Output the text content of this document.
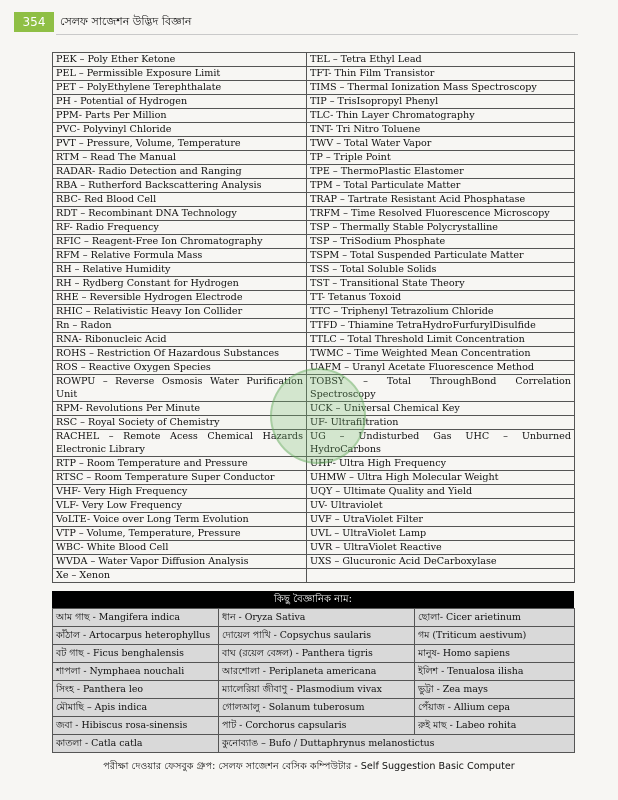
354	সেলফ সাজেশন উদ্ভিদ বিজ্ঞান
PEK – Poly Ether Ketone	TEL – Tetra Ethyl Lead
PEL – Permissible Exposure Limit	TFT- Thin Film Transistor
PET – PolyEthylene Terephthalate	TIMS – Thermal Ionization Mass Spectroscopy
PH - Potential of Hydrogen	TIP – TrisIsopropyl Phenyl
PPM- Parts Per Million	TLC- Thin Layer Chromatography
PVC- Polyvinyl Chloride	TNT- Tri Nitro Toluene
PVT – Pressure, Volume, Temperature	TWV – Total Water Vapor
RTM – Read The Manual	TP – Triple Point
RADAR- Radio Detection and Ranging	TPE – ThermoPlastic Elastomer
RBA – Rutherford Backscattering Analysis	TPM – Total Particulate Matter
RBC- Red Blood Cell	TRAP – Tartrate Resistant Acid Phosphatase
RDT – Recombinant DNA Technology	TRFM – Time Resolved Fluorescence Microscopy
RF- Radio Frequency	TSP – Thermally Stable Polycrystalline
RFIC – Reagent-Free Ion Chromatography	TSP – TriSodium Phosphate
RFM – Relative Formula Mass	TSPM – Total Suspended Particulate Matter
RH – Relative Humidity	TSS – Total Soluble Solids
RH – Rydberg Constant for Hydrogen	TST – Transitional State Theory
RHE – Reversible Hydrogen Electrode	TT- Tetanus Toxoid
RHIC – Relativistic Heavy Ion Collider	TTC – Triphenyl Tetrazolium Chloride
Rn – Radon	TTFD – Thiamine TetraHydroFurfurylDisulfide
RNA- Ribonucleic Acid	TTLC – Total Threshold Limit Concentration
ROHS – Restriction Of Hazardous Substances	TWMC – Time Weighted Mean Concentration
ROS – Reactive Oxygen Species	UAFM – Uranyl Acetate Fluorescence Method
ROWPU – Reverse Osmosis Water Purification Unit	TOBSY – Total ThroughBond Correlation Spectroscopy
RPM- Revolutions Per Minute	UCK – Universal Chemical Key
RSC – Royal Society of Chemistry	UF- Ultrafiltration
RACHEL – Remote Acess Chemical Hazards Electronic Library	UG – Undisturbed Gas UHC – Unburned HydroCarbons
RTP – Room Temperature and Pressure	UHF- Ultra High Frequency
RTSC – Room Temperature Super Conductor	UHMW – Ultra High Molecular Weight
VHF- Very High Frequency	UQY – Ultimate Quality and Yield
VLF- Very Low Frequency	UV- Ultraviolet
VoLTE- Voice over Long Term Evolution	UVF – UtraViolet Filter
VTP – Volume, Temperature, Pressure	UVL – UltraViolet Lamp
WBC- White Blood Cell	UVR – UltraViolet Reactive
WVDA – Water Vapor Diffusion Analysis	UXS – Glucuronic Acid DeCarboxylase
Xe – Xenon	
কিছু বৈজ্ঞানিক নাম:
আম গাছ - Mangifera indica	ধান - Oryza Sativa	ছোলা- Cicer arietinum
কাঁঠাল - Artocarpus heterophyllus	দোয়েল পাখি - Copsychus saularis	গম (Triticum aestivum)
বট গাছ - Ficus benghalensis	বাঘ (রয়েল বেঙ্গল) - Panthera tigris	মানুষ- Homo sapiens
শাপলা - Nymphaea nouchali	আরশোলা - Periplaneta americana	ইলিশ - Tenualosa ilisha
সিংহ - Panthera leo	ম্যালেরিয়া জীবাণু - Plasmodium vivax	ভুট্টা - Zea mays
মৌমাছি – Apis indica	গোলআলু - Solanum tuberosum	পেঁয়াজ - Allium cepa
জবা - Hibiscus rosa-sinensis	পাট - Corchorus capsularis	রুই মাছ - Labeo rohita
কাতলা - Catla catla	কুনোব্যাঙ – Bufo / Duttaphrynus melanostictus	
পরীক্ষা দেওয়ার ফেসবুক গ্রুপ: সেলফ সাজেশন বেসিক কম্পিউটার - Self Suggestion Basic Computer
